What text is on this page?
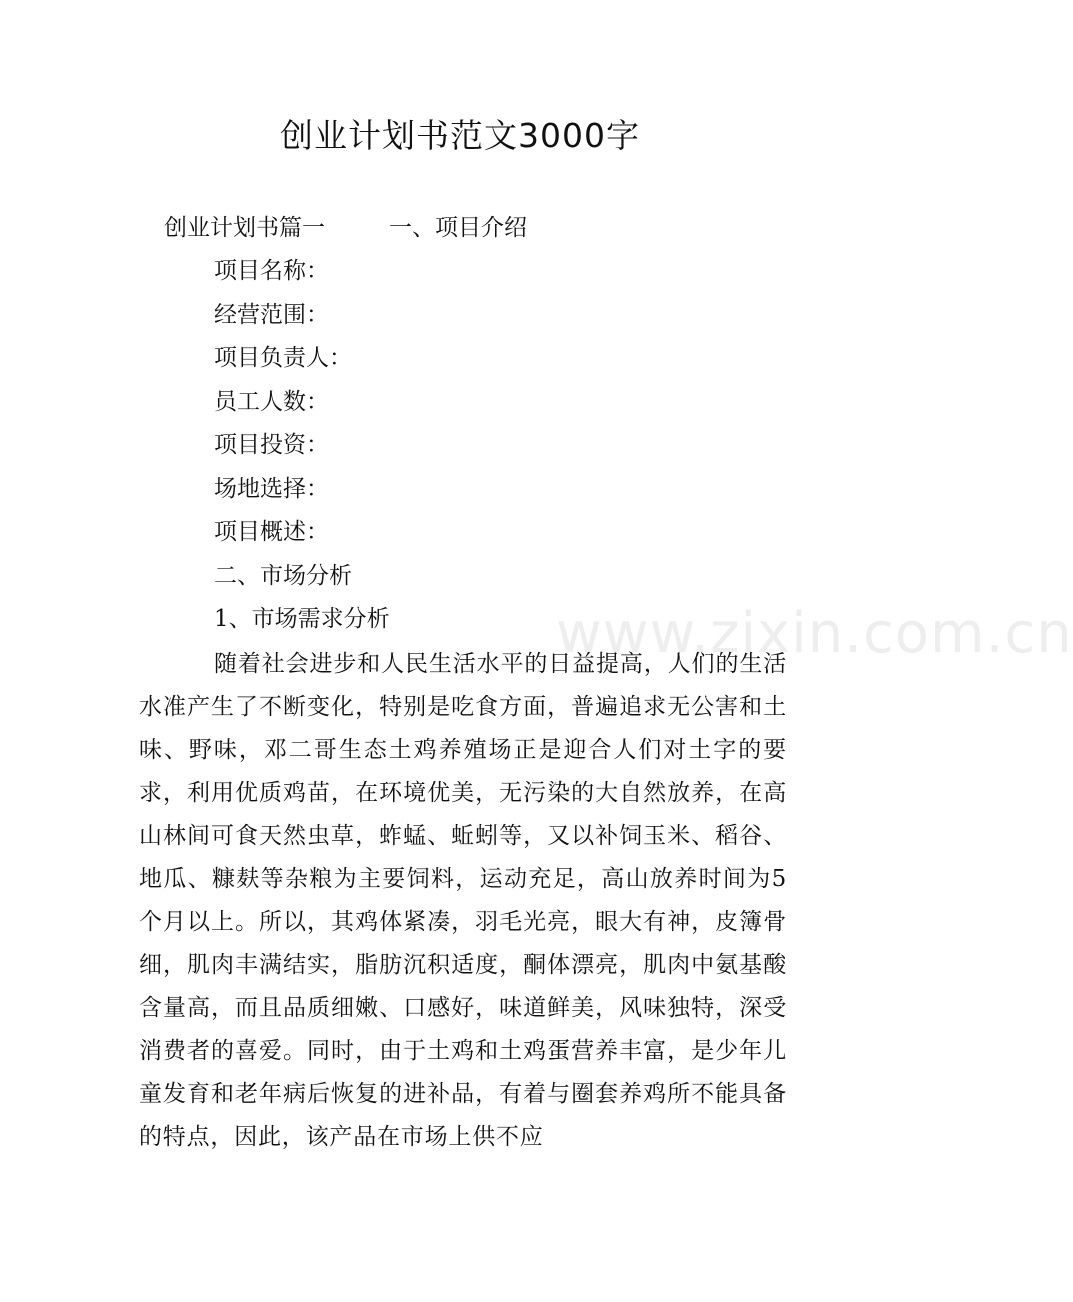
创业计划书范文3000字

创业计划书篇一	一、项目介绍

项目名称：

经营范围：

项目负责人：

员工人数：

项目投资：

场地选择：

项目概述：

二、市场分析

1、市场需求分析

随着社会进步和人民生活水平的日益提高，人们的生活水准产生了不断变化，特别是吃食方面，普遍追求无公害和土味、野味，邓二哥生态土鸡养殖场正是迎合人们对土字的要求，利用优质鸡苗，在环境优美，无污染的大自然放养，在高山林间可食天然虫草，蚱蜢、蚯蚓等，又以补饲玉米、稻谷、地瓜、糠麸等杂粮为主要饲料，运动充足，高山放养时间为5个月以上。所以，其鸡体紧凑，羽毛光亮，眼大有神，皮簿骨细，肌肉丰满结实，脂肪沉积适度，酮体漂亮，肌肉中氨基酸含量高，而且品质细嫩、口感好，味道鲜美，风味独特，深受消费者的喜爱。同时，由于土鸡和土鸡蛋营养丰富，是少年儿童发育和老年病后恢复的进补品，有着与圈套养鸡所不能具备的特点，因此，该产品在市场上供不应

www.zixin.com.cn
